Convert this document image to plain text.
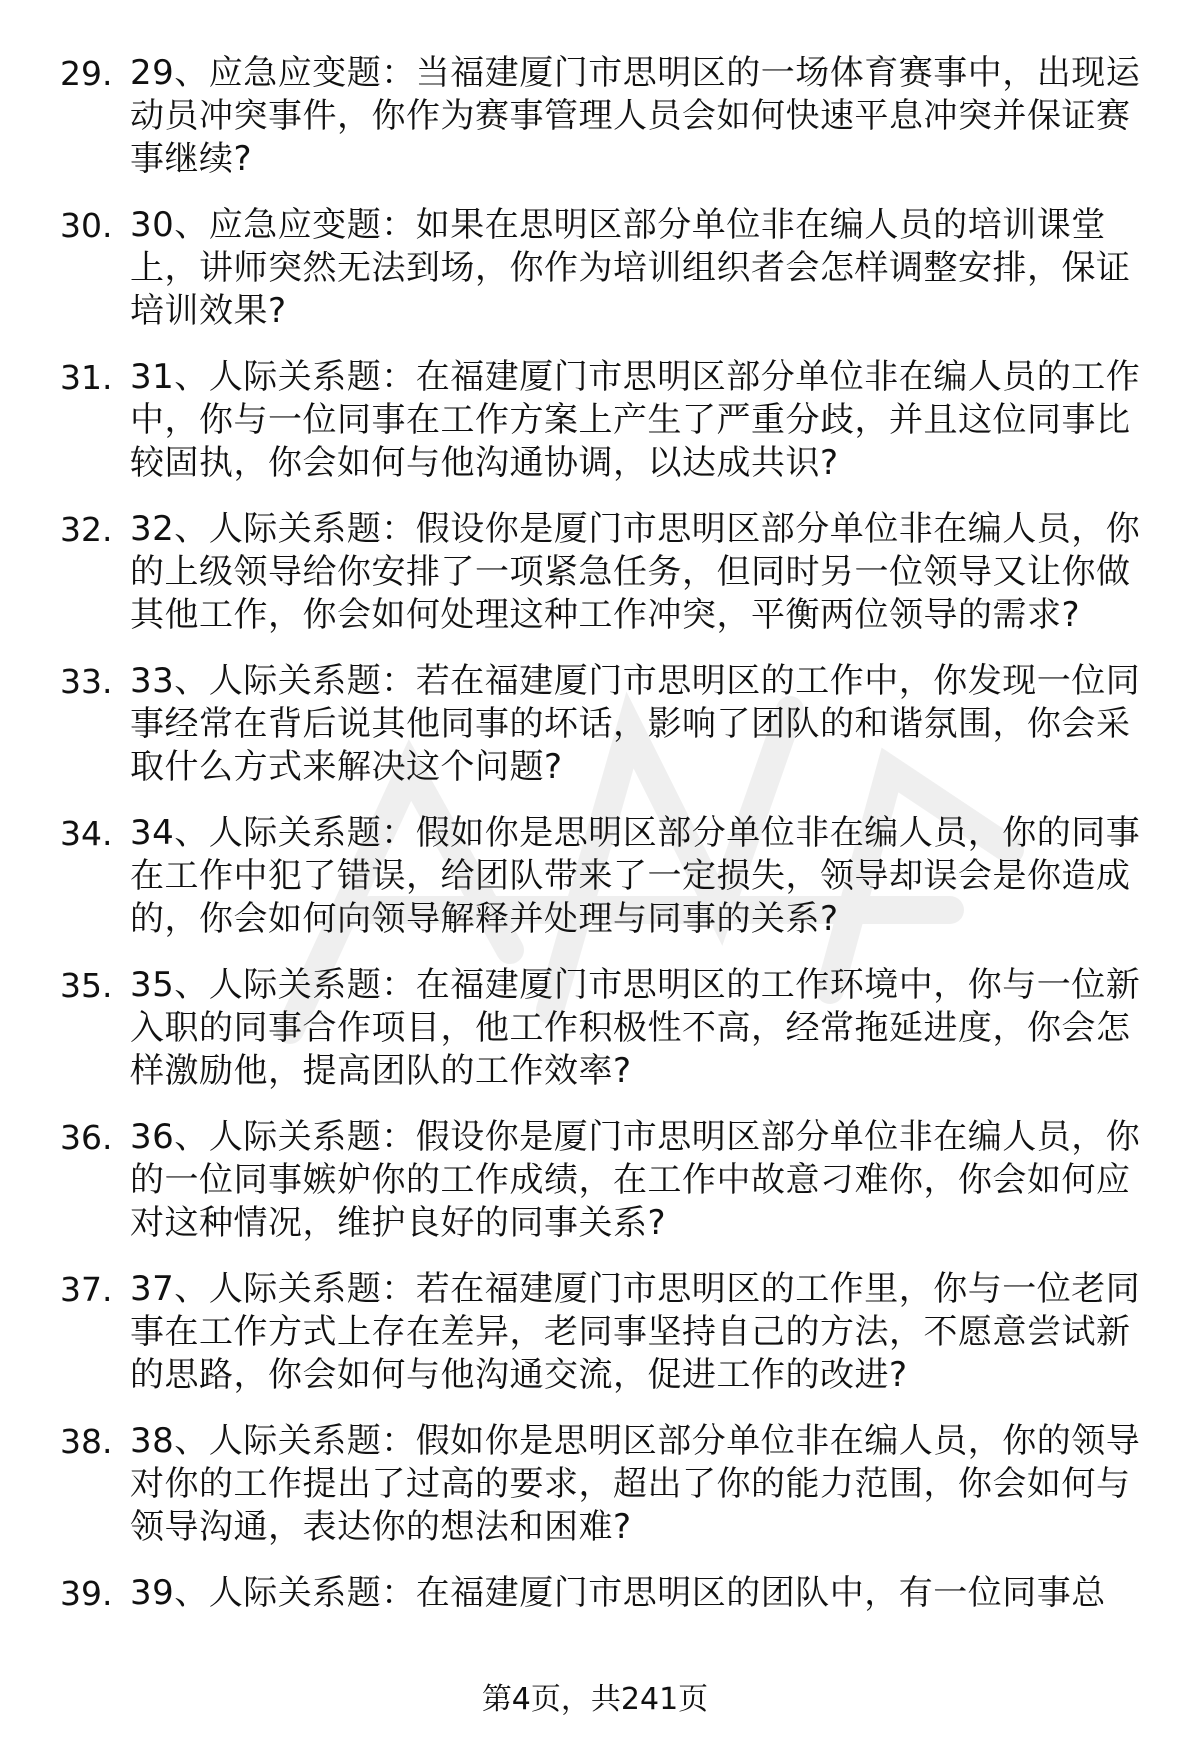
29. 29、应急应变题：当福建厦门市思明区的一场体育赛事中，出现运动员冲突事件，你作为赛事管理人员会如何快速平息冲突并保证赛事继续?
30. 30、应急应变题：如果在思明区部分单位非在编人员的培训课堂上，讲师突然无法到场，你作为培训组织者会怎样调整安排，保证培训效果?
31. 31、人际关系题：在福建厦门市思明区部分单位非在编人员的工作中，你与一位同事在工作方案上产生了严重分歧，并且这位同事比较固执，你会如何与他沟通协调，以达成共识?
32. 32、人际关系题：假设你是厦门市思明区部分单位非在编人员，你的上级领导给你安排了一项紧急任务，但同时另一位领导又让你做其他工作，你会如何处理这种工作冲突，平衡两位领导的需求?
33. 33、人际关系题：若在福建厦门市思明区的工作中，你发现一位同事经常在背后说其他同事的坏话，影响了团队的和谐氛围，你会采取什么方式来解决这个问题?
34. 34、人际关系题：假如你是思明区部分单位非在编人员，你的同事在工作中犯了错误，给团队带来了一定损失，领导却误会是你造成的，你会如何向领导解释并处理与同事的关系?
35. 35、人际关系题：在福建厦门市思明区的工作环境中，你与一位新入职的同事合作项目，他工作积极性不高，经常拖延进度，你会怎样激励他，提高团队的工作效率?
36. 36、人际关系题：假设你是厦门市思明区部分单位非在编人员，你的一位同事嫉妒你的工作成绩，在工作中故意刁难你，你会如何应对这种情况，维护良好的同事关系?
37. 37、人际关系题：若在福建厦门市思明区的工作里，你与一位老同事在工作方式上存在差异，老同事坚持自己的方法，不愿意尝试新的思路，你会如何与他沟通交流，促进工作的改进?
38. 38、人际关系题：假如你是思明区部分单位非在编人员，你的领导对你的工作提出了过高的要求，超出了你的能力范围，你会如何与领导沟通，表达你的想法和困难?
39. 39、人际关系题：在福建厦门市思明区的团队中，有一位同事总
第4页，共241页
